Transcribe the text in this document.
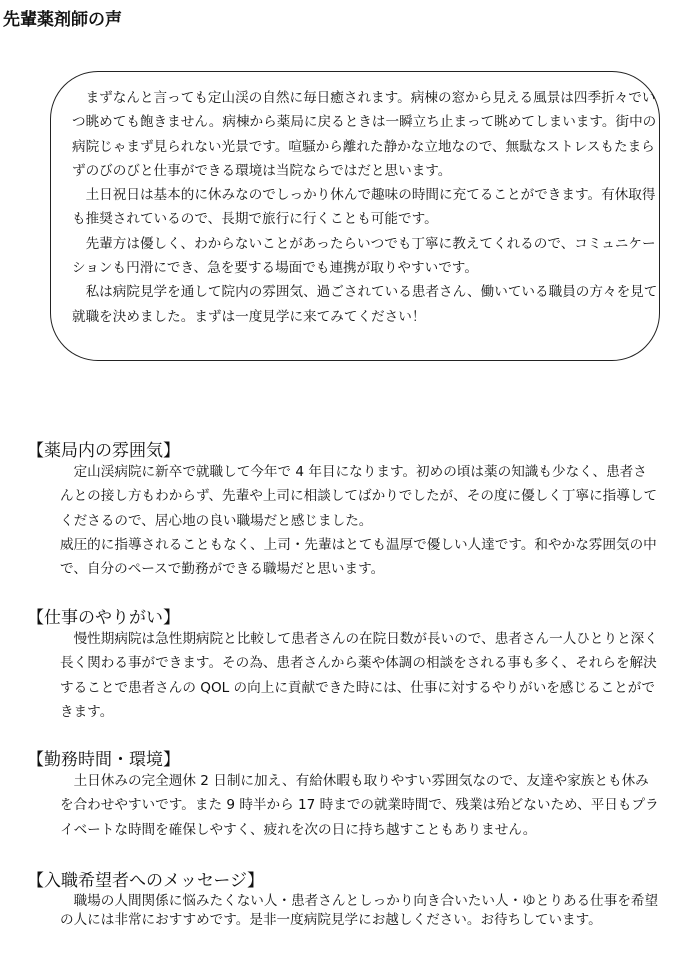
先輩薬剤師の声

まずなんと言っても定山渓の自然に毎日癒されます。病棟の窓から見える風景は四季折々でいつ眺めても飽きません。病棟から薬局に戻るときは一瞬立ち止まって眺めてしまいます。街中の病院じゃまず見られない光景です。喧騒から離れた静かな立地なので、無駄なストレスもたまらずのびのびと仕事ができる環境は当院ならではだと思います。

土日祝日は基本的に休みなのでしっかり休んで趣味の時間に充てることができます。有休取得も推奨されているので、長期で旅行に行くことも可能です。

先輩方は優しく、わからないことがあったらいつでも丁寧に教えてくれるので、コミュニケーションも円滑にでき、急を要する場面でも連携が取りやすいです。

私は病院見学を通して院内の雰囲気、過ごされている患者さん、働いている職員の方々を見て就職を決めました。まずは一度見学に来てみてください！

【薬局内の雰囲気】

定山渓病院に新卒で就職して今年で 4 年目になります。初めの頃は薬の知識も少なく、患者さんとの接し方もわからず、先輩や上司に相談してばかりでしたが、その度に優しく丁寧に指導してくださるので、居心地の良い職場だと感じました。

威圧的に指導されることもなく、上司・先輩はとても温厚で優しい人達です。和やかな雰囲気の中で、自分のペースで勤務ができる職場だと思います。

【仕事のやりがい】

慢性期病院は急性期病院と比較して患者さんの在院日数が長いので、患者さん一人ひとりと深く長く関わる事ができます。その為、患者さんから薬や体調の相談をされる事も多く、それらを解決することで患者さんの QOL の向上に貢献できた時には、仕事に対するやりがいを感じることができます。

【勤務時間・環境】

土日休みの完全週休 2 日制に加え、有給休暇も取りやすい雰囲気なので、友達や家族とも休みを合わせやすいです。また 9 時半から 17 時までの就業時間で、残業は殆どないため、平日もプライベートな時間を確保しやすく、疲れを次の日に持ち越すこともありません。

【入職希望者へのメッセージ】

職場の人間関係に悩みたくない人・患者さんとしっかり向き合いたい人・ゆとりある仕事を希望の人には非常におすすめです。是非一度病院見学にお越しください。お待ちしています。
